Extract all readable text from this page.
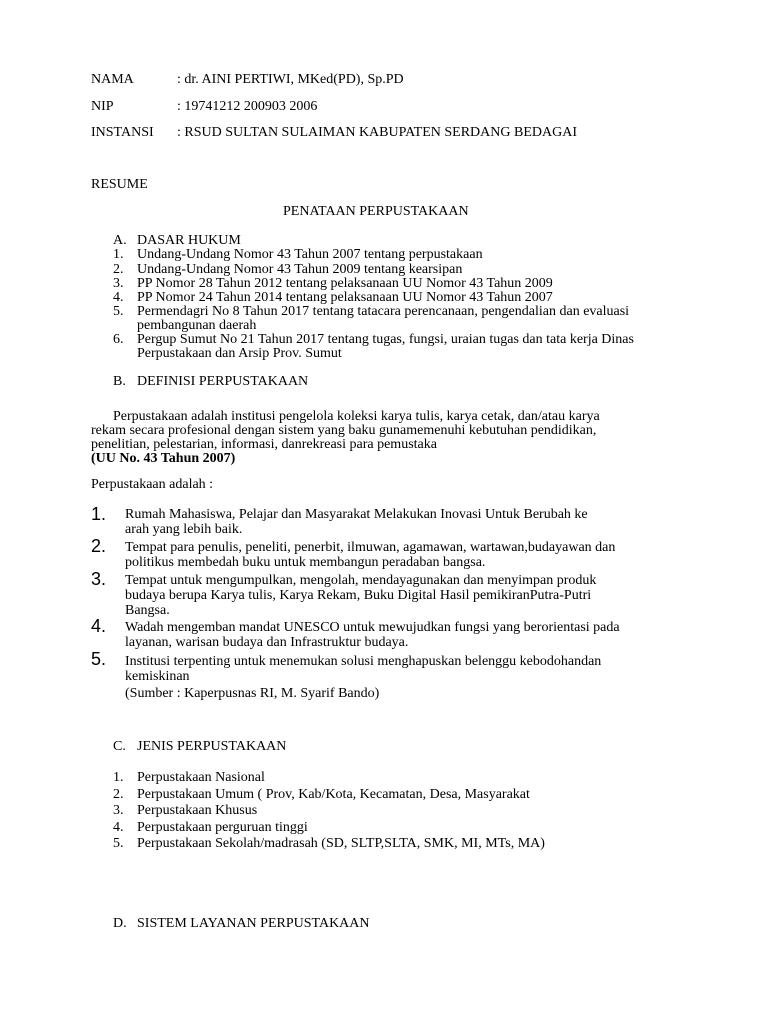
NAMA	: dr. AINI PERTIWI, MKed(PD), Sp.PD
NIP	: 19741212 200903 2006
INSTANSI : RSUD SULTAN SULAIMAN KABUPATEN SERDANG BEDAGAI
RESUME
PENATAAN PERPUSTAKAAN
A. DASAR HUKUM
1. Undang-Undang Nomor 43 Tahun 2007 tentang perpustakaan
2. Undang-Undang Nomor 43 Tahun 2009 tentang kearsipan
3. PP Nomor 28 Tahun 2012 tentang pelaksanaan UU Nomor 43 Tahun 2009
4. PP Nomor 24 Tahun 2014 tentang pelaksanaan UU Nomor 43 Tahun 2007
5. Permendagri No 8 Tahun 2017 tentang tatacara perencanaan, pengendalian dan evaluasi
pembangunan daerah
6. Pergup Sumut No 21 Tahun 2017 tentang tugas, fungsi, uraian tugas dan tata kerja Dinas
Perpustakaan dan Arsip Prov. Sumut
B. DEFINISI PERPUSTAKAAN
Perpustakaan adalah institusi pengelola koleksi karya tulis, karya cetak, dan/atau karya
rekam secara profesional dengan sistem yang baku gunamemenuhi kebutuhan pendidikan,
penelitian, pelestarian, informasi, danrekreasi para pemustaka
(UU No. 43 Tahun 2007)
Perpustakaan adalah :
1. Rumah Mahasiswa, Pelajar dan Masyarakat Melakukan Inovasi Untuk Berubah ke
arah yang lebih baik.
2. Tempat para penulis, peneliti, penerbit, ilmuwan, agamawan, wartawan,budayawan dan
politikus membedah buku untuk membangun peradaban bangsa.
3. Tempat untuk mengumpulkan, mengolah, mendayagunakan dan menyimpan produk
budaya berupa Karya tulis, Karya Rekam, Buku Digital Hasil pemikiranPutra-Putri
Bangsa.
4. Wadah mengemban mandat UNESCO untuk mewujudkan fungsi yang berorientasi pada
layanan, warisan budaya dan Infrastruktur budaya.
5. Institusi terpenting untuk menemukan solusi menghapuskan belenggu kebodohandan
kemiskinan
(Sumber : Kaperpusnas RI, M. Syarif Bando)
C. JENIS PERPUSTAKAAN
1. Perpustakaan Nasional
2. Perpustakaan Umum ( Prov, Kab/Kota, Kecamatan, Desa, Masyarakat
3. Perpustakaan Khusus
4. Perpustakaan perguruan tinggi
5. Perpustakaan Sekolah/madrasah (SD, SLTP,SLTA, SMK, MI, MTs, MA)
D. SISTEM LAYANAN PERPUSTAKAAN
